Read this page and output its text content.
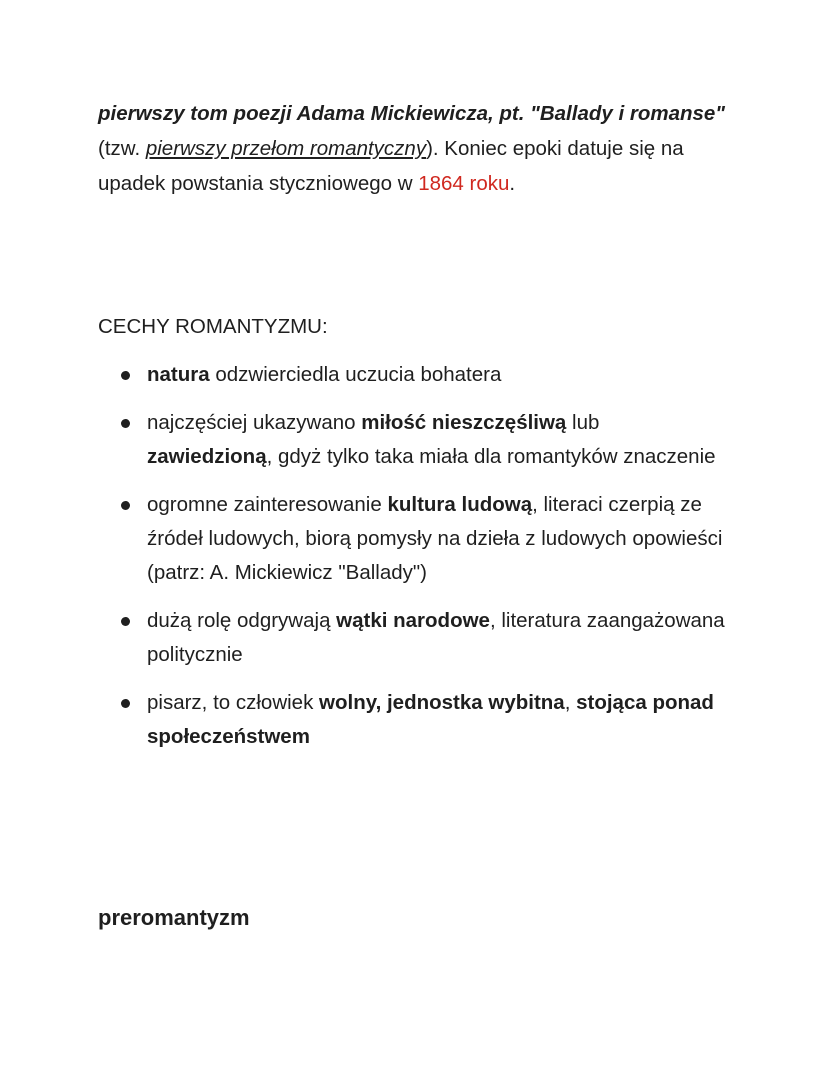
pierwszy tom poezji Adama Mickiewicza, pt. "Ballady i romanse" (tzw. pierwszy przełom romantyczny). Koniec epoki datuje się na upadek powstania styczniowego w 1864 roku.

CECHY ROMANTYZMU:

natura odzwierciedla uczucia bohatera
najczęściej ukazywano miłość nieszczęśliwą lub zawiedzioną, gdyż tylko taka miała dla romantyków znaczenie
ogromne zainteresowanie kultura ludową, literaci czerpią ze źródeł ludowych, biorą pomysły na dzieła z ludowych opowieści (patrz: A. Mickiewicz "Ballady")
dużą rolę odgrywają wątki narodowe, literatura zaangażowana politycznie
pisarz, to człowiek wolny, jednostka wybitna, stojąca ponad społeczeństwem
preromantyzm
